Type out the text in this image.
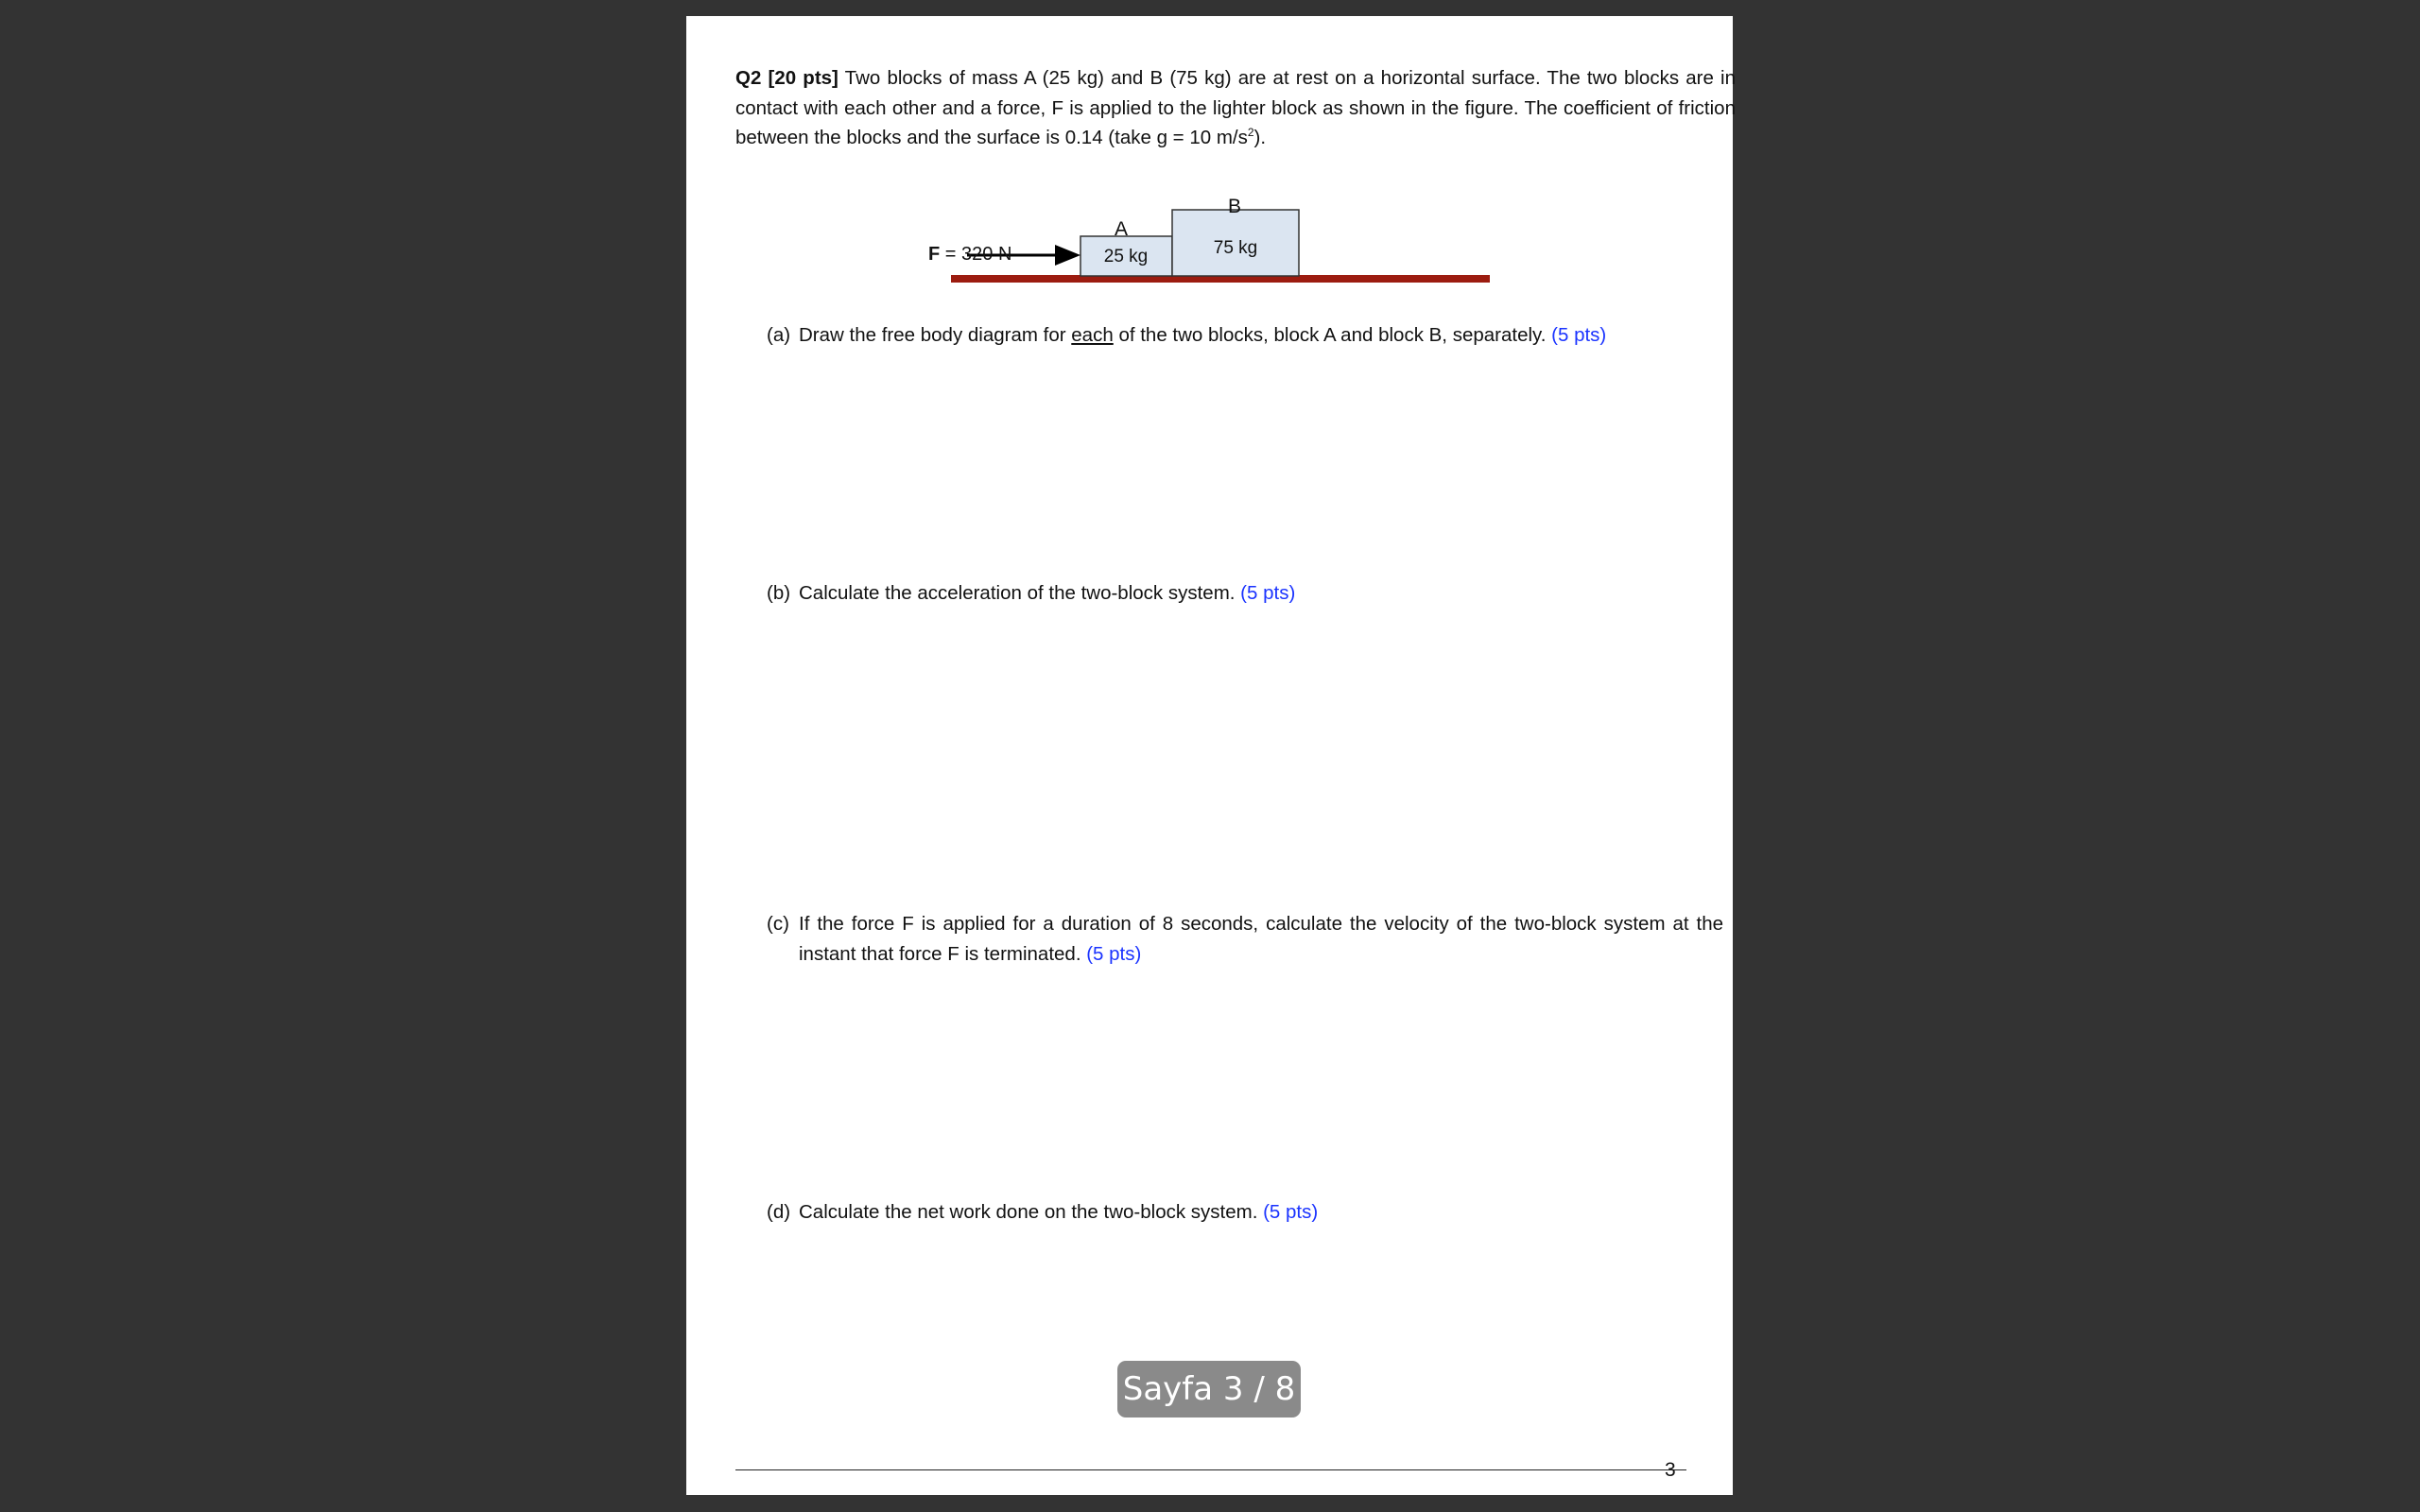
Q2 [20 pts] Two blocks of mass A (25 kg) and B (75 kg) are at rest on a horizontal surface. The two blocks are in contact with each other and a force, F is applied to the lighter block as shown in the figure. The coefficient of friction between the blocks and the surface is 0.14 (take g = 10 $m/s^2$).

25 kg
A
75 kg
B
F = 320 N
(a) Draw the free body diagram for each of the two blocks, block A and block B, separately. (5 pts)
(b) Calculate the acceleration of the two-block system. (5 pts)
(c) If the force F is applied for a duration of 8 seconds, calculate the velocity of the two-block system at the instant that force F is terminated. (5 pts)
(d) Calculate the net work done on the two-block system. (5 pts)
3
Sayfa 3 / 8
